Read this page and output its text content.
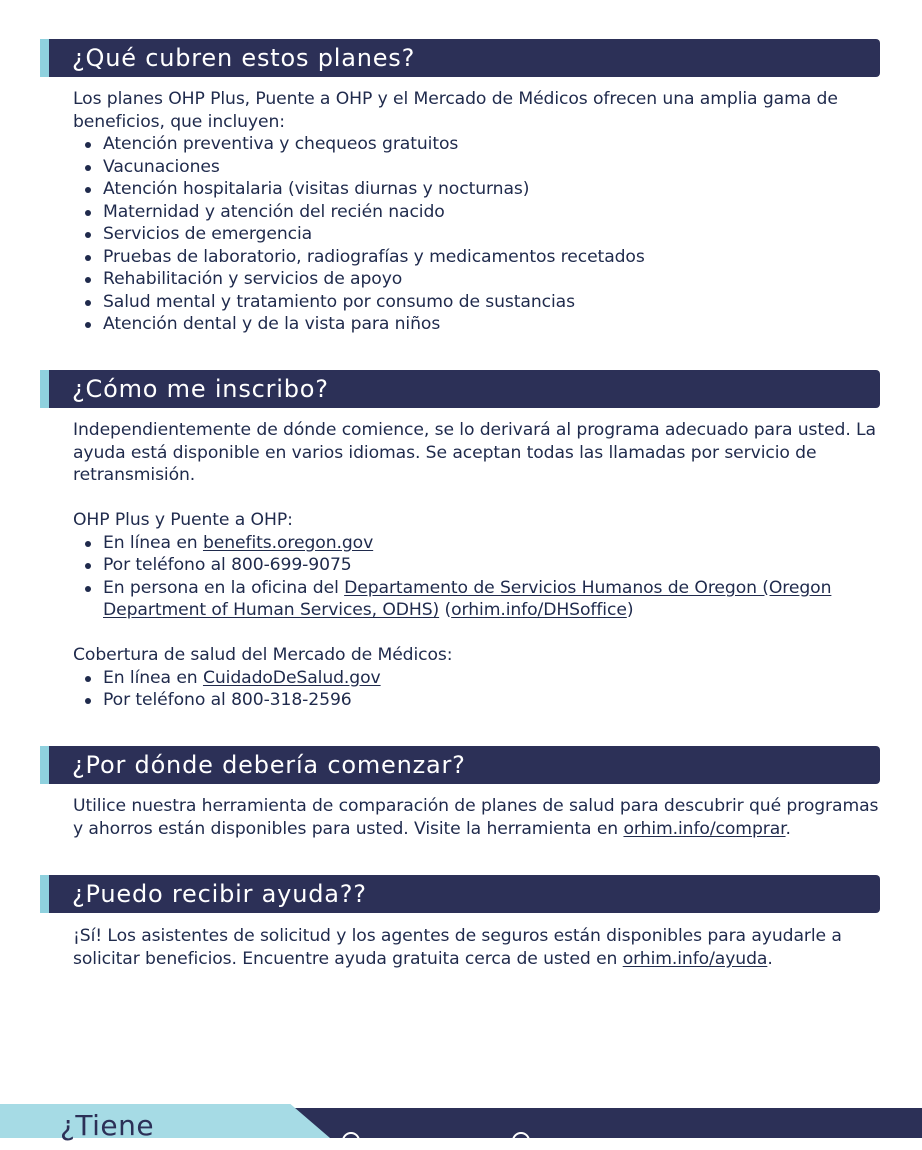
¿Qué cubren estos planes?

Los planes OHP Plus, Puente a OHP y el Mercado de Médicos ofrecen una amplia gama de beneficios, que incluyen:

Atención preventiva y chequeos gratuitos
Vacunaciones
Atención hospitalaria (visitas diurnas y nocturnas)
Maternidad y atención del recién nacido
Servicios de emergencia
Pruebas de laboratorio, radiografías y medicamentos recetados
Rehabilitación y servicios de apoyo
Salud mental y tratamiento por consumo de sustancias
Atención dental y de la vista para niños
¿Cómo me inscribo?

Independientemente de dónde comience, se lo derivará al programa adecuado para usted. La ayuda está disponible en varios idiomas. Se aceptan todas las llamadas por servicio de retransmisión.

OHP Plus y Puente a OHP:

En línea en benefits.oregon.gov
Por teléfono al 800-699-9075
En persona en la oficina del Departamento de Servicios Humanos de Oregon (Oregon Department of Human Services, ODHS) (orhim.info/DHSoffice)

Cobertura de salud del Mercado de Médicos:

En línea en CuidadoDeSalud.gov
Por teléfono al 800-318-2596
¿Por dónde debería comenzar?

Utilice nuestra herramienta de comparación de planes de salud para descubrir qué programas y ahorros están disponibles para usted. Visite la herramienta en orhim.info/comprar.

¿Puedo recibir ayuda??

¡Sí! Los asistentes de solicitud y los agentes de seguros están disponibles para ayudarle a solicitar beneficios. Encuentre ayuda gratuita cerca de usted en orhim.info/ayuda.

¿Tiene
